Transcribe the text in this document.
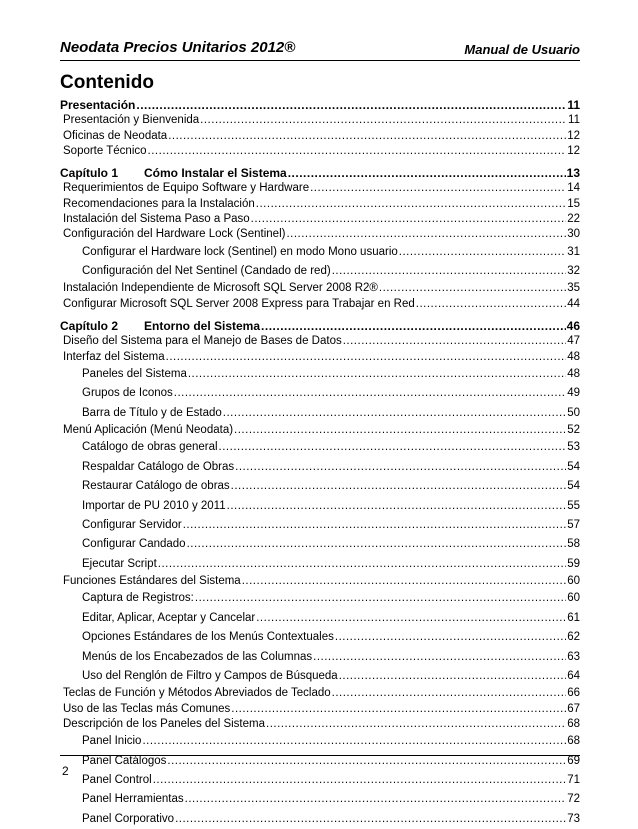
Neodata Precios Unitarios 2012®	Manual de Usuario
Contenido
Presentación .....	11
Presentación y Bienvenida .....	11
Oficinas de Neodata .....	12
Soporte Técnico .....	12
Capítulo 1 Cómo Instalar el Sistema .....	13
Requerimientos de Equipo Software y Hardware .....	14
Recomendaciones para la Instalación .....	15
Instalación del Sistema Paso a Paso .....	22
Configuración del Hardware Lock (Sentinel) .....	30
Configurar el Hardware lock (Sentinel) en modo Mono usuario .....	31
Configuración del Net Sentinel (Candado de red) .....	32
Instalación Independiente de Microsoft SQL Server 2008 R2® .....	35
Configurar Microsoft SQL Server 2008 Express para Trabajar en Red .....	44
Capítulo 2 Entorno del Sistema .....	46
Diseño del Sistema para el Manejo de Bases de Datos .....	47
Interfaz del Sistema .....	48
Paneles del Sistema .....	48
Grupos de Iconos .....	49
Barra de Título y de Estado .....	50
Menú Aplicación (Menú Neodata) .....	52
Catálogo de obras general .....	53
Respaldar Catálogo de Obras .....	54
Restaurar Catálogo de obras .....	54
Importar de PU 2010 y 2011 .....	55
Configurar Servidor .....	57
Configurar Candado .....	58
Ejecutar Script .....	59
Funciones Estándares del Sistema .....	60
Captura de Registros: .....	60
Editar, Aplicar, Aceptar y Cancelar .....	61
Opciones Estándares de los Menús Contextuales .....	62
Menús de los Encabezados de las Columnas .....	63
Uso del Renglón de Filtro y Campos de Búsqueda .....	64
Teclas de Función y Métodos Abreviados de Teclado .....	66
Uso de las Teclas más Comunes .....	67
Descripción de los Paneles del Sistema .....	68
Panel Inicio .....	68
Panel Catálogos .....	69
Panel Control .....	71
Panel Herramientas .....	72
Panel Corporativo .....	73
2
